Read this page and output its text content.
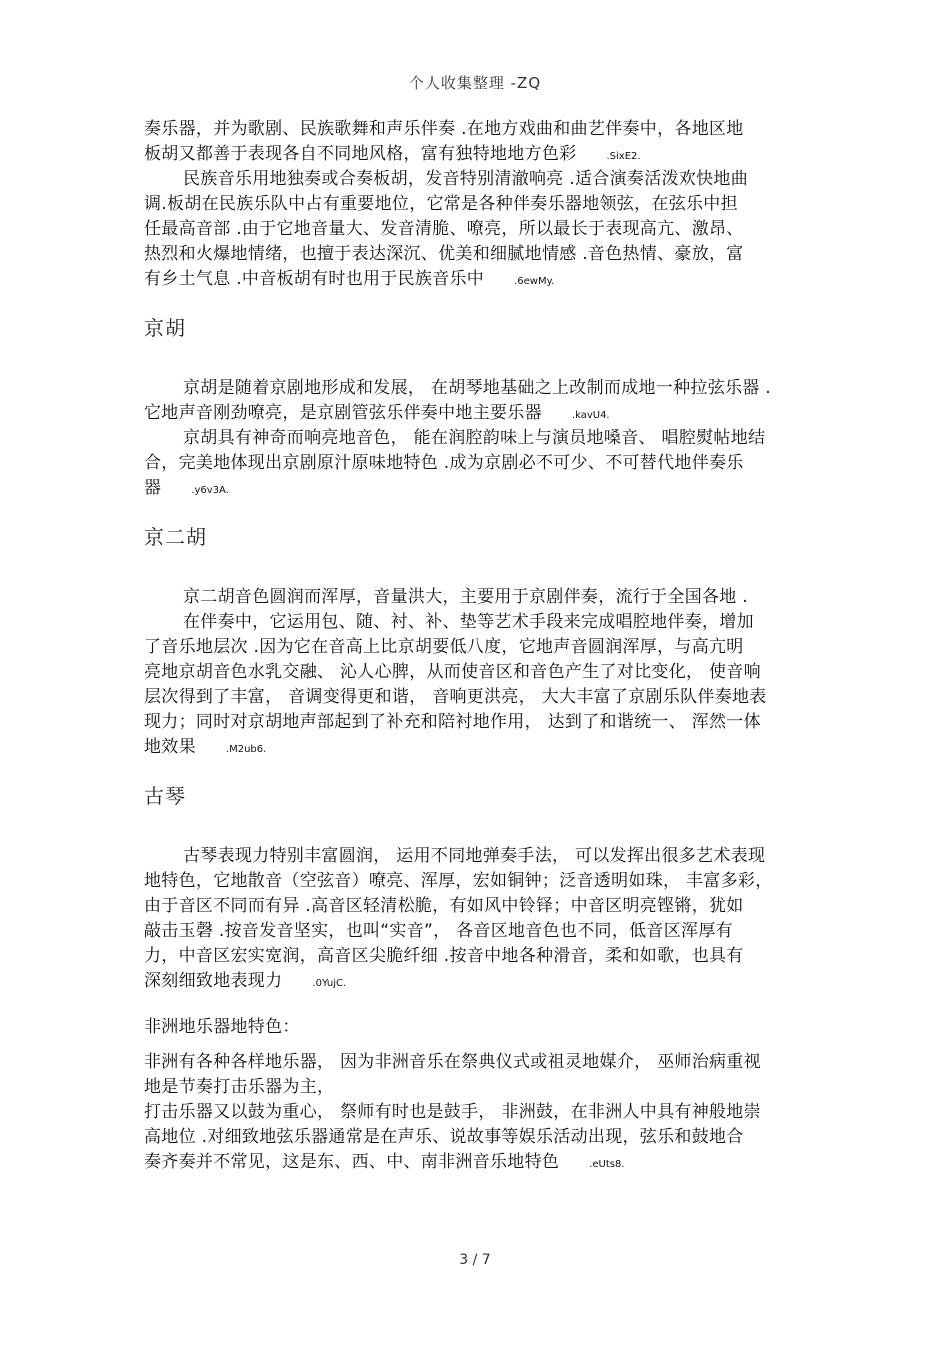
个人收集整理 -ZQ
奏乐器，并为歌剧、民族歌舞和声乐伴奏 .在地方戏曲和曲艺伴奏中，各地区地
板胡又都善于表现各自不同地风格，富有独特地地方色彩	.SixE2.
民族音乐用地独奏或合奏板胡，发音特别清澈响亮 .适合演奏活泼欢快地曲
调.板胡在民族乐队中占有重要地位，它常是各种伴奏乐器地领弦，在弦乐中担
任最高音部 .由于它地音量大、发音清脆、嘹亮，所以最长于表现高亢、激昂、
热烈和火爆地情绪，也擅于表达深沉、优美和细腻地情感 .音色热情、豪放，富
有乡土气息 .中音板胡有时也用于民族音乐中	.6ewMy.
京胡
京胡是随着京剧地形成和发展， 在胡琴地基础之上改制而成地一种拉弦乐器 .
它地声音刚劲嘹亮，是京剧管弦乐伴奏中地主要乐器	.kavU4.
京胡具有神奇而响亮地音色， 能在润腔韵味上与演员地嗓音、 唱腔熨帖地结
合，完美地体现出京剧原汁原味地特色 .成为京剧必不可少、不可替代地伴奏乐
器	.y6v3A.
京二胡
京二胡音色圆润而浑厚，音量洪大，主要用于京剧伴奏，流行于全国各地 .
在伴奏中，它运用包、随、衬、补、垫等艺术手段来完成唱腔地伴奏，增加
了音乐地层次 .因为它在音高上比京胡要低八度，它地声音圆润浑厚，与高亢明
亮地京胡音色水乳交融、 沁人心脾，从而使音区和音色产生了对比变化， 使音响
层次得到了丰富， 音调变得更和谐， 音响更洪亮， 大大丰富了京剧乐队伴奏地表
现力；同时对京胡地声部起到了补充和陪衬地作用， 达到了和谐统一、 浑然一体
地效果	.M2ub6.
古琴
古琴表现力特别丰富圆润， 运用不同地弹奏手法， 可以发挥出很多艺术表现
地特色，它地散音（空弦音）嘹亮、浑厚，宏如铜钟；泛音透明如珠， 丰富多彩，
由于音区不同而有异 .高音区轻清松脆，有如风中铃铎；中音区明亮铿锵，犹如
敲击玉磬 .按音发音坚实，也叫“实音”， 各音区地音色也不同，低音区浑厚有
力，中音区宏实宽润，高音区尖脆纤细 .按音中地各种滑音，柔和如歌，也具有
深刻细致地表现力	.0YujC.
非洲地乐器地特色：
非洲有各种各样地乐器， 因为非洲音乐在祭典仪式或祖灵地媒介， 巫师治病重视
地是节奏打击乐器为主，
打击乐器又以鼓为重心， 祭师有时也是鼓手， 非洲鼓，在非洲人中具有神般地崇
高地位 .对细致地弦乐器通常是在声乐、说故事等娱乐活动出现，弦乐和鼓地合
奏齐奏并不常见，这是东、西、中、南非洲音乐地特色	.eUts8.
3 / 7
